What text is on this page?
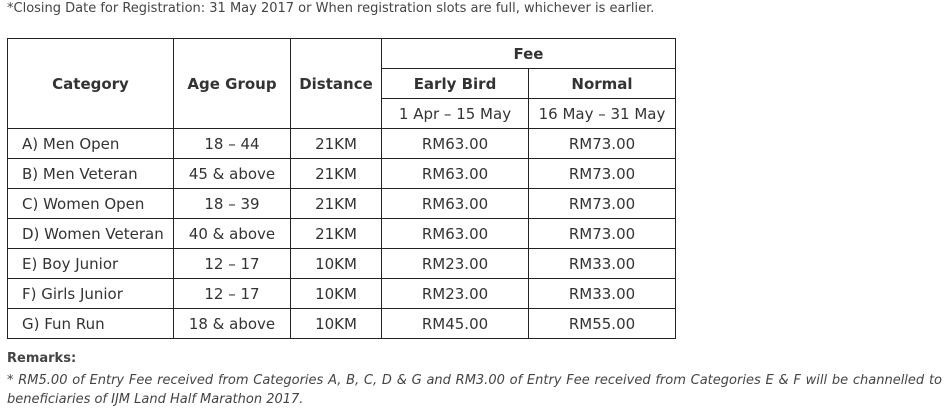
*Closing Date for Registration: 31 May 2017 or When registration slots are full, whichever is earlier.
Category	Age Group	Distance	Fee	
			Early Bird	Normal
			1 Apr – 15 May	16 May – 31 May
A) Men Open	18 – 44	21KM	RM63.00	RM73.00
B) Men Veteran	45 & above	21KM	RM63.00	RM73.00
C) Women Open	18 – 39	21KM	RM63.00	RM73.00
D) Women Veteran	40 & above	21KM	RM63.00	RM73.00
E) Boy Junior	12 – 17	10KM	RM23.00	RM33.00
F) Girls Junior	12 – 17	10KM	RM23.00	RM33.00
G) Fun Run	18 & above	10KM	RM45.00	RM55.00
Remarks:
* RM5.00 of Entry Fee received from Categories A, B, C, D & G and RM3.00 of Entry Fee received from Categories E & F will be channelled to beneficiaries of IJM Land Half Marathon 2017.
